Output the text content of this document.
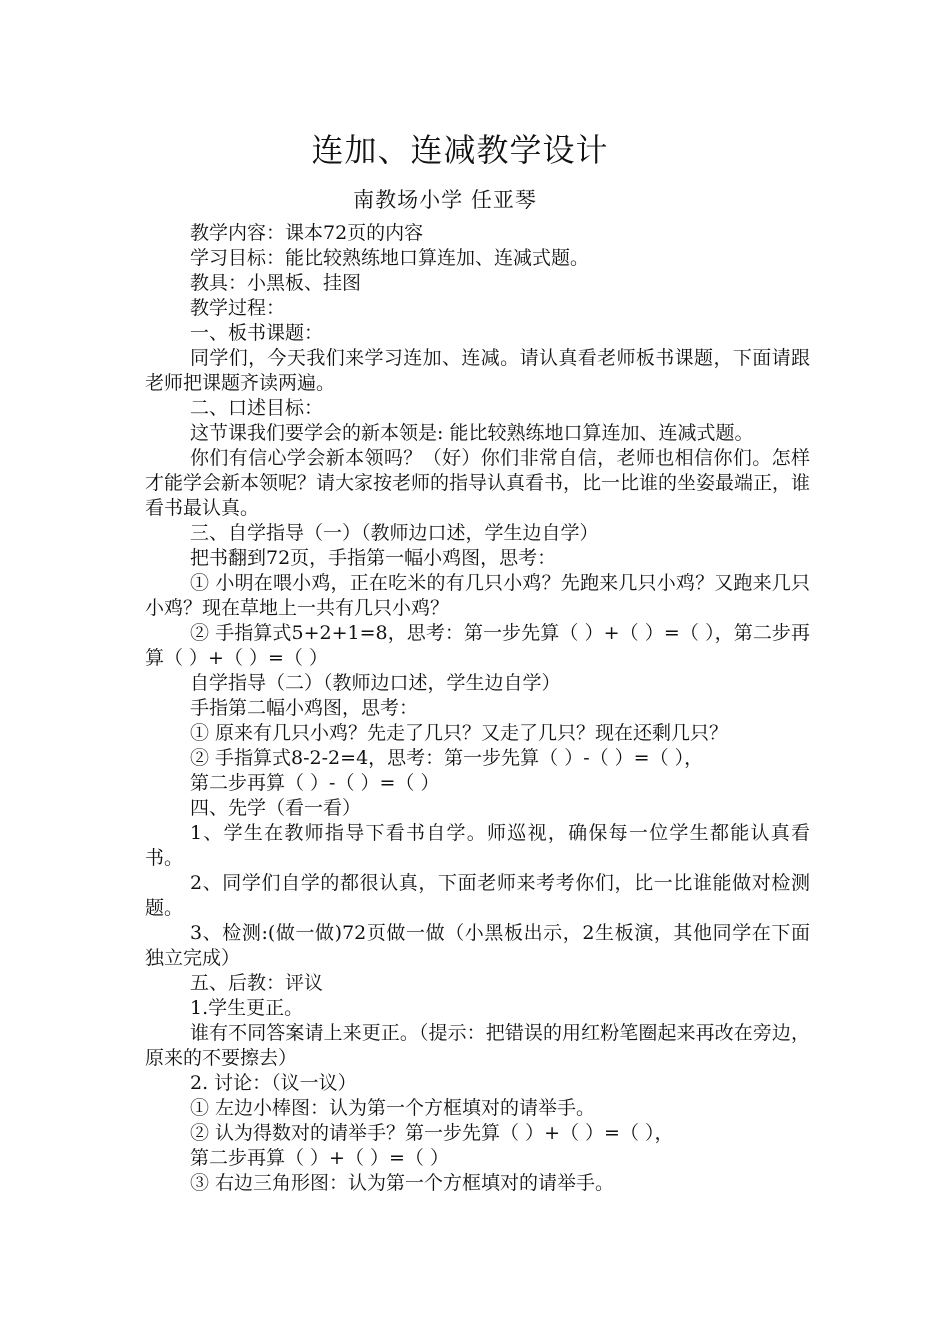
连加、连减教学设计
南教场小学 任亚琴

教学内容：课本72页的内容

学习目标：能比较熟练地口算连加、连减式题。

教具：小黑板、挂图

教学过程：

一、板书课题：

同学们，今天我们来学习连加、连减。请认真看老师板书课题，下面请跟老师把课题齐读两遍。

二、口述目标：

这节课我们要学会的新本领是: 能比较熟练地口算连加、连减式题。

你们有信心学会新本领吗？（好）你们非常自信，老师也相信你们。怎样才能学会新本领呢？请大家按老师的指导认真看书，比一比谁的坐姿最端正，谁看书最认真。

三、自学指导（一）（教师边口述，学生边自学）

把书翻到72页，手指第一幅小鸡图，思考：

① 小明在喂小鸡，正在吃米的有几只小鸡？先跑来几只小鸡？又跑来几只小鸡？现在草地上一共有几只小鸡？

② 手指算式5+2+1=8，思考：第一步先算（ ）+（ ）=（ ），第二步再算（ ）+（ ）=（ ）

自学指导（二）（教师边口述，学生边自学）

手指第二幅小鸡图，思考：

① 原来有几只小鸡？先走了几只？又走了几只？现在还剩几只？

② 手指算式8-2-2=4，思考：第一步先算（ ）-（ ）=（ ），

第二步再算（ ）-（ ）=（ ）

四、先学（看一看）

1、学生在教师指导下看书自学。师巡视，确保每一位学生都能认真看书。

2、同学们自学的都很认真，下面老师来考考你们，比一比谁能做对检测题。

3、检测:(做一做)72页做一做（小黑板出示，2生板演，其他同学在下面独立完成）

五、后教：评议

1.学生更正。

谁有不同答案请上来更正。（提示：把错误的用红粉笔圈起来再改在旁边，原来的不要擦去）

2. 讨论：（议一议）

① 左边小棒图：认为第一个方框填对的请举手。

② 认为得数对的请举手？第一步先算（ ）+（ ）=（ ），

第二步再算（ ）+（ ）=（ ）

③ 右边三角形图：认为第一个方框填对的请举手。
